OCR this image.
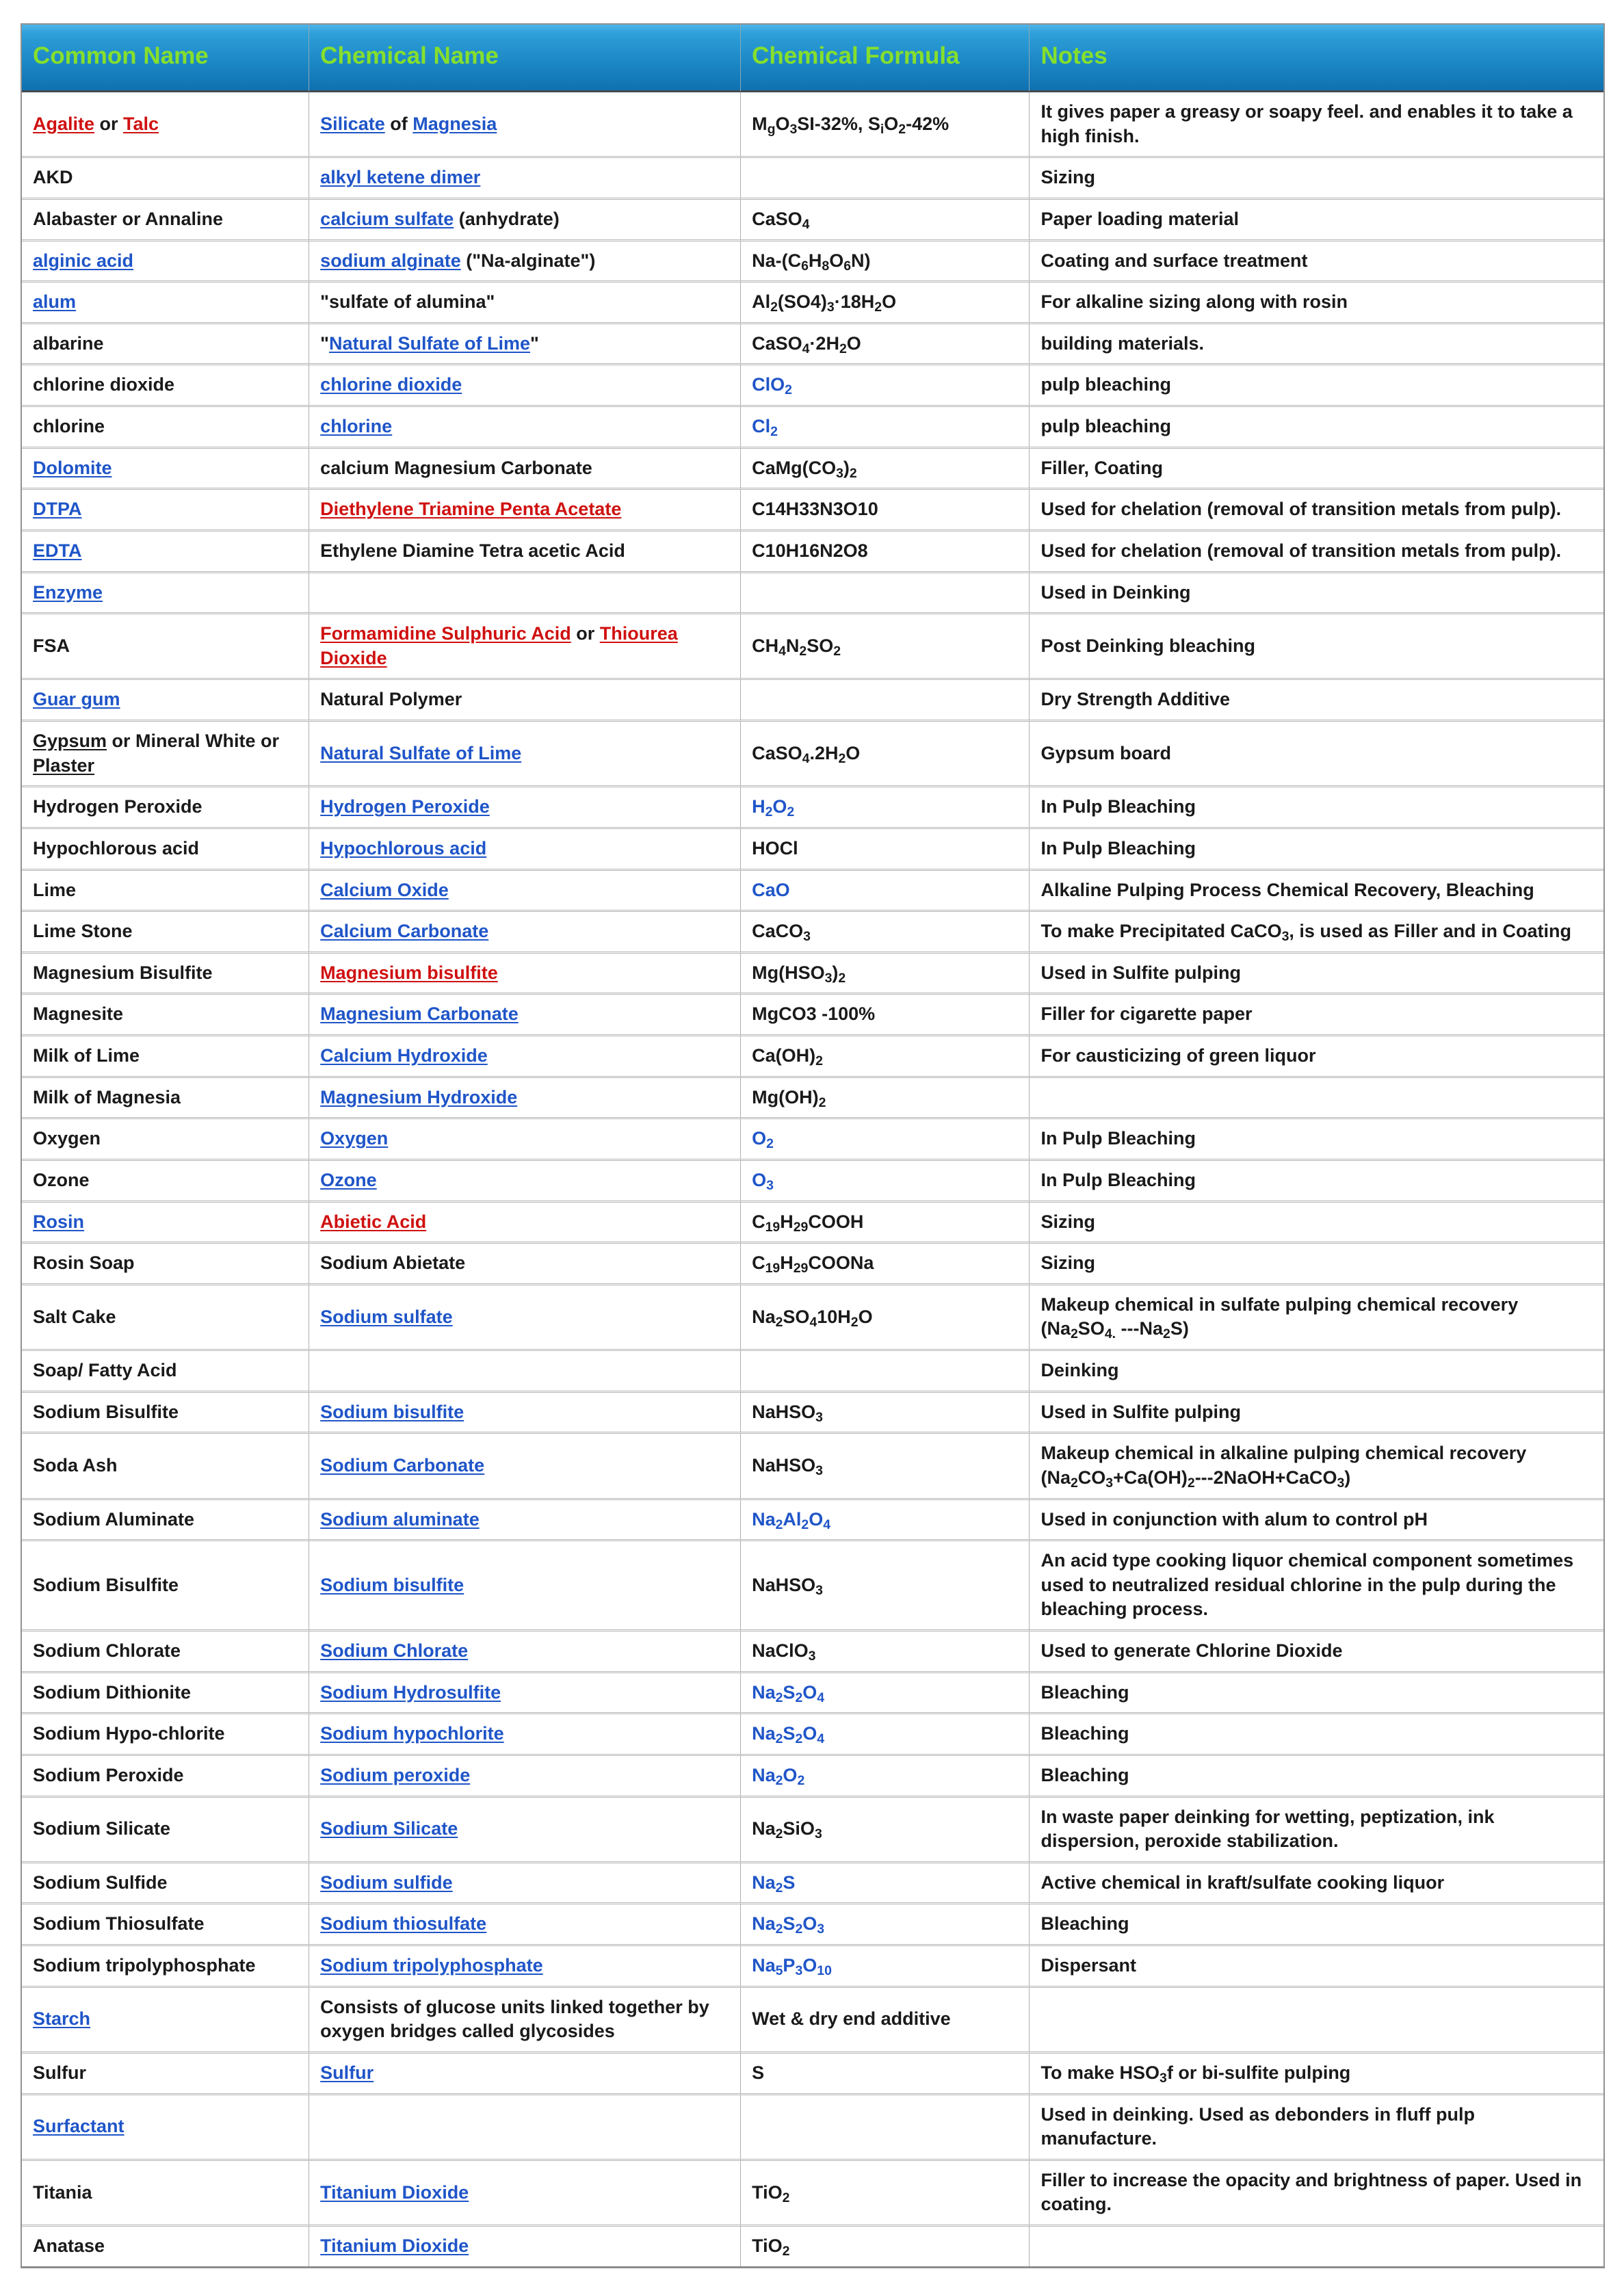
Common Name	Chemical Name	Chemical Formula	Notes
Agalite or Talc	Silicate of Magnesia	$M_gO_3SI-32\%$, $S_iO_2-42\%$	It gives paper a greasy or soapy feel. and enables it to take a high finish.
AKD	alkyl ketene dimer		Sizing
Alabaster or Annaline	calcium sulfate (anhydrate)	CaSO$_4$	Paper loading material
alginic acid	sodium alginate ("Na-alginate")	$Na-(C_6H_8O_6N)$	Coating and surface treatment
alum	"sulfate of alumina"	$Al_2(SO4)_3\cdot 18H_2O$	For alkaline sizing along with rosin
albarine	"Natural Sulfate of Lime"	$CaSO_4\cdot 2H_2O$	building materials.
chlorine dioxide	chlorine dioxide	ClO$_2$	pulp bleaching
chlorine	chlorine	$Cl_2$	pulp bleaching
Dolomite	calcium Magnesium Carbonate	$CaMg(CO_3)_2$	Filler, Coating
DTPA	Diethylene Triamine Penta Acetate	C14H33N3O10	Used for chelation (removal of transition metals from pulp).
EDTA	Ethylene Diamine Tetra acetic Acid	C10H16N2O8	Used for chelation (removal of transition metals from pulp).
Enzyme			Used in Deinking
FSA	Formamidine Sulphuric Acid or Thiourea Dioxide	$CH_4N_2SO_2$	Post Deinking bleaching
Guar gum	Natural Polymer		Dry Strength Additive
Gypsum or Mineral White or Plaster	Natural Sulfate of Lime	$CaSO_4.2H_2O$	Gypsum board
Hydrogen Peroxide	Hydrogen Peroxide	$H_2O_2$	In Pulp Bleaching
Hypochlorous acid	Hypochlorous acid	HOCl	In Pulp Bleaching
Lime	Calcium Oxide	CaO	Alkaline Pulping Process Chemical Recovery, Bleaching
Lime Stone	Calcium Carbonate	CaCO$_3$	To make Precipitated CaCO$_3$, is used as Filler and in Coating
Magnesium Bisulfite	Magnesium bisulfite	$Mg(HSO_3)_2$	Used in Sulfite pulping
Magnesite	Magnesium Carbonate	MgCO3 -100%	Filler for cigarette paper
Milk of Lime	Calcium Hydroxide	$Ca(OH)_2$	For causticizing of green liquor
Milk of Magnesia	Magnesium Hydroxide	$Mg(OH)_2$	
Oxygen	Oxygen	$O_2$	In Pulp Bleaching
Ozone	Ozone	$O_3$	In Pulp Bleaching
Rosin	Abietic Acid	$C_{19}H_{29}COOH$	Sizing
Rosin Soap	Sodium Abietate	$C_{19}H_{29}COONa$	Sizing
Salt Cake	Sodium sulfate	$Na_2SO_410H_2O$	Makeup chemical in sulfate pulping chemical recovery ($Na_2SO_{4.}$ $---Na_2S$)
Soap/ Fatty Acid			Deinking
Sodium Bisulfite	Sodium bisulfite	NaHSO$_3$	Used in Sulfite pulping
Soda Ash	Sodium Carbonate	NaHSO$_3$	Makeup chemical in alkaline pulping chemical recovery $(Na_2CO_3+Ca(OH)_2---2NaOH+CaCO_3)$
Sodium Aluminate	Sodium aluminate	$Na_2Al_2O_4$	Used in conjunction with alum to control pH
Sodium Bisulfite	Sodium bisulfite	NaHSO$_3$	An acid type cooking liquor chemical component sometimes used to neutralized residual chlorine in the pulp during the bleaching process.
Sodium Chlorate	Sodium Chlorate	NaClO$_3$	Used to generate Chlorine Dioxide
Sodium Dithionite	Sodium Hydrosulfite	$Na_2S_2O_4$	Bleaching
Sodium Hypo-chlorite	Sodium hypochlorite	$Na_2S_2O_4$	Bleaching
Sodium Peroxide	Sodium peroxide	$Na_2O_2$	Bleaching
Sodium Silicate	Sodium Silicate	$Na_2SiO_3$	In waste paper deinking for wetting, peptization, ink dispersion, peroxide stabilization.
Sodium Sulfide	Sodium sulfide	$Na_2S$	Active chemical in kraft/sulfate cooking liquor
Sodium Thiosulfate	Sodium thiosulfate	$Na_2S_2O_3$	Bleaching
Sodium tripolyphosphate	Sodium tripolyphosphate	$Na_5P_3O_{10}$	Dispersant
Starch	Consists of glucose units linked together by oxygen bridges called glycosides	Wet & dry end additive	
Sulfur	Sulfur	S	To make $HSO_3f$ or bi-sulfite pulping
Surfactant			Used in deinking. Used as debonders in fluff pulp manufacture.
Titania	Titanium Dioxide	TiO$_2$	Filler to increase the opacity and brightness of paper. Used in coating.
Anatase	Titanium Dioxide	TiO$_2$	
